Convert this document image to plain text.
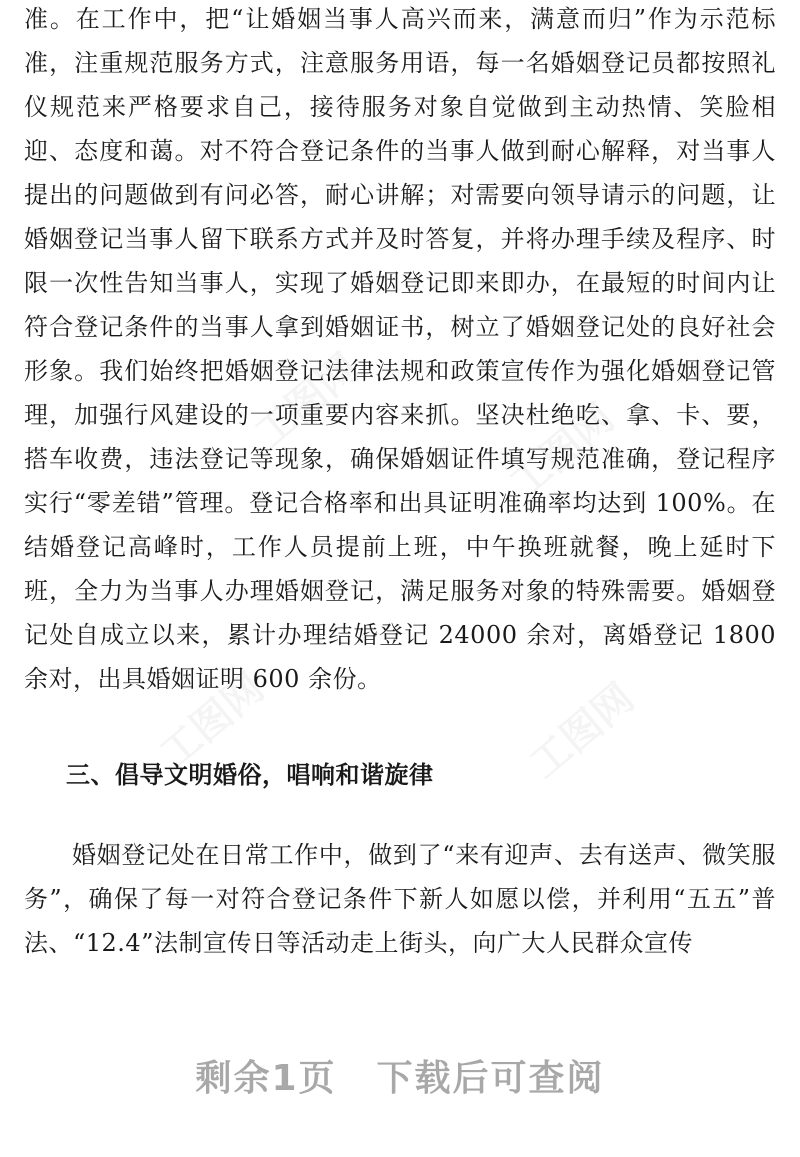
准。在工作中，把“让婚姻当事人高兴而来，满意而归”作为示范标准，注重规范服务方式，注意服务用语，每一名婚姻登记员都按照礼仪规范来严格要求自己，接待服务对象自觉做到主动热情、笑脸相迎、态度和蔼。对不符合登记条件的当事人做到耐心解释，对当事人提出的问题做到有问必答，耐心讲解；对需要向领导请示的问题，让婚姻登记当事人留下联系方式并及时答复，并将办理手续及程序、时限一次性告知当事人，实现了婚姻登记即来即办，在最短的时间内让符合登记条件的当事人拿到婚姻证书，树立了婚姻登记处的良好社会形象。我们始终把婚姻登记法律法规和政策宣传作为强化婚姻登记管理，加强行风建设的一项重要内容来抓。坚决杜绝吃、拿、卡、要，搭车收费，违法登记等现象，确保婚姻证件填写规范准确，登记程序实行“零差错”管理。登记合格率和出具证明准确率均达到 100%。在结婚登记高峰时，工作人员提前上班，中午换班就餐，晚上延时下班，全力为当事人办理婚姻登记，满足服务对象的特殊需要。婚姻登记处自成立以来，累计办理结婚登记 24000 余对，离婚登记 1800 余对，出具婚姻证明 600 余份。

三、倡导文明婚俗，唱响和谐旋律

婚姻登记处在日常工作中，做到了“来有迎声、去有送声、微笑服务”，确保了每一对符合登记条件下新人如愿以偿，并利用“五五”普法、“12.4”法制宣传日等活动走上街头，向广大人民群众宣传

剩余1页 下载后可查阅
